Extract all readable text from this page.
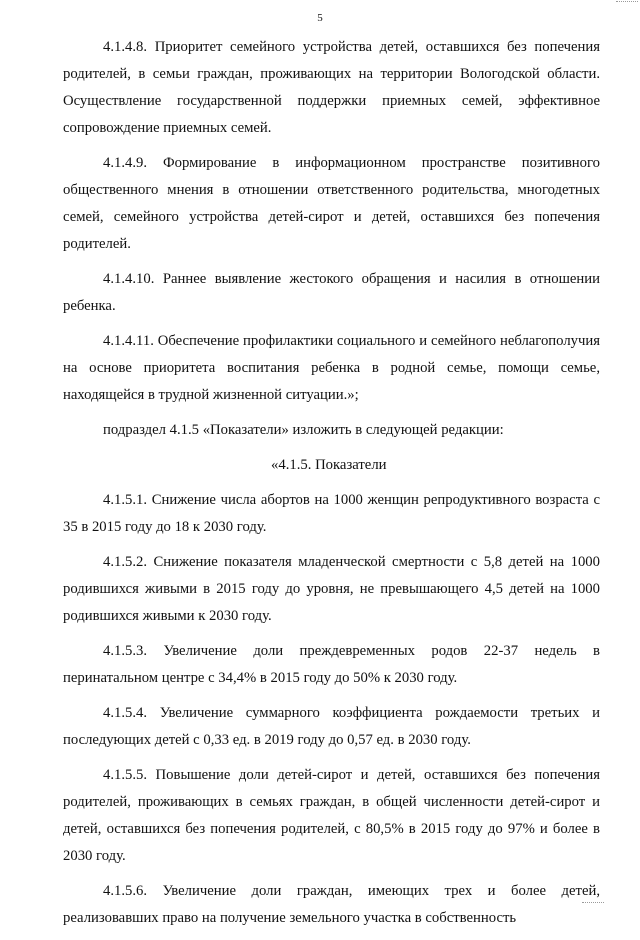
5

4.1.4.8. Приоритет семейного устройства детей, оставшихся без попечения родителей, в семьи граждан, проживающих на территории Вологодской области. Осуществление государственной поддержки приемных семей, эффективное сопровождение приемных семей.

4.1.4.9. Формирование в информационном пространстве позитивного общественного мнения в отношении ответственного родительства, многодетных семей, семейного устройства детей-сирот и детей, оставшихся без попечения родителей.

4.1.4.10. Раннее выявление жестокого обращения и насилия в отношении ребенка.

4.1.4.11. Обеспечение профилактики социального и семейного неблагополучия на основе приоритета воспитания ребенка в родной семье, помощи семье, находящейся в трудной жизненной ситуации.»;

подраздел 4.1.5 «Показатели» изложить в следующей редакции:

«4.1.5. Показатели

4.1.5.1. Снижение числа абортов на 1000 женщин репродуктивного возраста с 35 в 2015 году до 18 к 2030 году.

4.1.5.2. Снижение показателя младенческой смертности с 5,8 детей на 1000 родившихся живыми в 2015 году до уровня, не превышающего 4,5 детей на 1000 родившихся живыми к 2030 году.

4.1.5.3. Увеличение доли преждевременных родов 22-37 недель в перинатальном центре с 34,4% в 2015 году до 50% к 2030 году.

4.1.5.4. Увеличение суммарного коэффициента рождаемости третьих и последующих детей с 0,33 ед. в 2019 году до 0,57 ед. в 2030 году.

4.1.5.5. Повышение доли детей-сирот и детей, оставшихся без попечения родителей, проживающих в семьях граждан, в общей численности детей-сирот и детей, оставшихся без попечения родителей, с 80,5% в 2015 году до 97% и более в 2030 году.

4.1.5.6. Увеличение доли граждан, имеющих трех и более детей, реализовавших право на получение земельного участка в собственность
